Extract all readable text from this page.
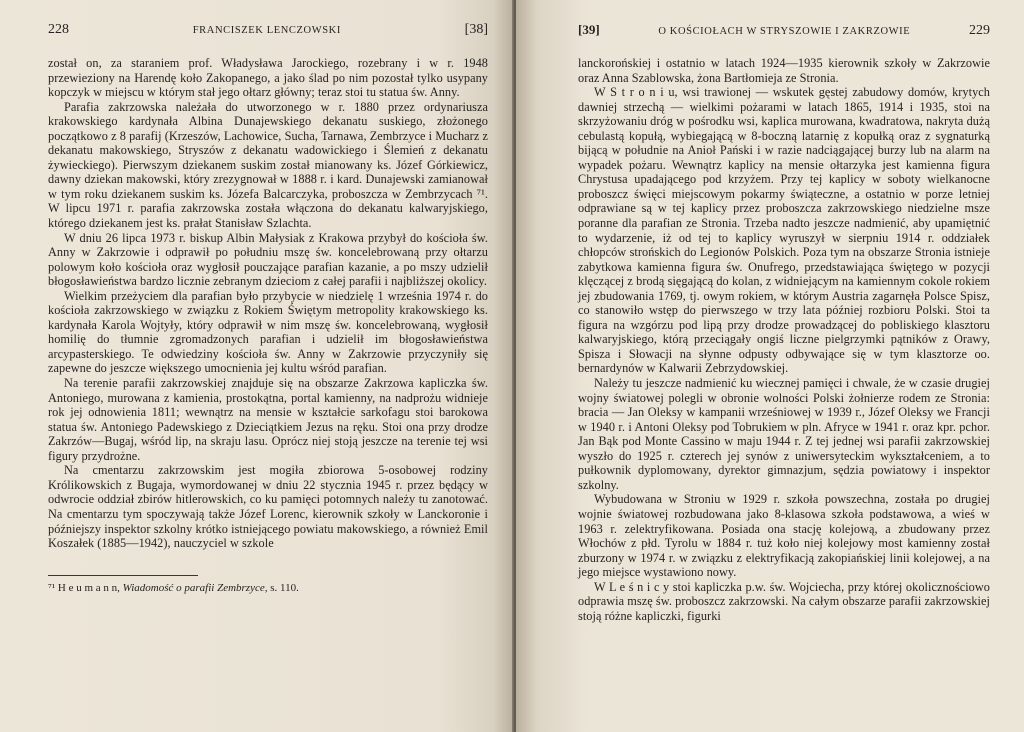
228	FRANCISZEK LENCZOWSKI	[38]

został on, za staraniem prof. Władysława Jarockiego, rozebrany i w r. 1948 przewieziony na Harendę koło Zakopanego, a jako ślad po nim pozostał tylko usypany kopczyk w miejscu w którym stał jego ołtarz główny; teraz stoi tu statua św. Anny.

Parafia zakrzowska należała do utworzonego w r. 1880 przez ordynariusza krakowskiego kardynała Albina Dunajewskiego dekanatu suskiego, złożonego początkowo z 8 parafij (Krzeszów, Lachowice, Sucha, Tarnawa, Zembrzyce i Mucharz z dekanatu makowskiego, Stryszów z dekanatu wadowickiego i Ślemień z dekanatu żywieckiego). Pierwszym dziekanem suskim został mianowany ks. Józef Górkiewicz, dawny dziekan makowski, który zrezygnował w 1888 r. i kard. Dunajewski zamianował w tym roku dziekanem suskim ks. Józefa Balcarczyka, proboszcza w Zembrzycach ⁷¹. W lipcu 1971 r. parafia zakrzowska została włączona do dekanatu kalwaryjskiego, którego dziekanem jest ks. prałat Stanisław Szlachta.

W dniu 26 lipca 1973 r. biskup Albin Małysiak z Krakowa przybył do kościoła św. Anny w Zakrzowie i odprawił po południu mszę św. koncelebrowaną przy ołtarzu polowym koło kościoła oraz wygłosił pouczające parafian kazanie, a po mszy udzielił błogosławieństwa bardzo licznie zebranym dzieciom z całej parafii i najbliższej okolicy.

Wielkim przeżyciem dla parafian było przybycie w niedzielę 1 września 1974 r. do kościoła zakrzowskiego w związku z Rokiem Świętym metropolity krakowskiego ks. kardynała Karola Wojtyły, który odprawił w nim mszę św. koncelebrowaną, wygłosił homilię do tłumnie zgromadzonych parafian i udzielił im błogosławieństwa arcypasterskiego. Te odwiedziny kościoła św. Anny w Zakrzowie przyczyniły się zapewne do jeszcze większego umocnienia jej kultu wśród parafian.

Na terenie parafii zakrzowskiej znajduje się na obszarze Zakrzowa kapliczka św. Antoniego, murowana z kamienia, prostokątna, portal kamienny, na nadprożu widnieje rok jej odnowienia 1811; wewnątrz na mensie w kształcie sarkofagu stoi barokowa statua św. Antoniego Padewskiego z Dzieciątkiem Jezus na ręku. Stoi ona przy drodze Zakrzów—Bugaj, wśród lip, na skraju lasu. Oprócz niej stoją jeszcze na terenie tej wsi figury przydrożne.

Na cmentarzu zakrzowskim jest mogiła zbiorowa 5-osobowej rodziny Królikowskich z Bugaja, wymordowanej w dniu 22 stycznia 1945 r. przez będący w odwrocie oddział zbirów hitlerowskich, co ku pamięci potomnych należy tu zanotować. Na cmentarzu tym spoczywają także Józef Lorenc, kierownik szkoły w Lanckoronie i późniejszy inspektor szkolny krótko istniejącego powiatu makowskiego, a również Emil Koszałek (1885—1942), nauczyciel w szkole

⁷¹ H e u m a n n, Wiadomość o parafii Zembrzyce, s. 110.
[39]	O KOŚCIOŁACH W STRYSZOWIE I ZAKRZOWIE	229

lanckorońskiej i ostatnio w latach 1924—1935 kierownik szkoły w Zakrzowie oraz Anna Szablowska, żona Bartłomieja ze Stronia.

W S t r o n i u, wsi trawionej — wskutek gęstej zabudowy domów, krytych dawniej strzechą — wielkimi pożarami w latach 1865, 1914 i 1935, stoi na skrzyżowaniu dróg w pośrodku wsi, kaplica murowana, kwadratowa, nakryta dużą cebulastą kopułą, wybiegającą w 8-boczną latarnię z kopułką oraz z sygnaturką bijącą w południe na Anioł Pański i w razie nadciągającej burzy lub na alarm na wypadek pożaru. Wewnątrz kaplicy na mensie ołtarzyka jest kamienna figura Chrystusa upadającego pod krzyżem. Przy tej kaplicy w soboty wielkanocne proboszcz święci miejscowym pokarmy świąteczne, a ostatnio w porze letniej odprawiane są w tej kaplicy przez proboszcza zakrzowskiego niedzielne msze poranne dla parafian ze Stronia. Trzeba nadto jeszcze nadmienić, aby upamiętnić to wydarzenie, iż od tej to kaplicy wyruszył w sierpniu 1914 r. oddziałek chłopców strońskich do Legionów Polskich. Poza tym na obszarze Stronia istnieje zabytkowa kamienna figura św. Onufrego, przedstawiająca świętego w pozycji klęczącej z brodą sięgającą do kolan, z widniejącym na kamiennym cokole rokiem jej zbudowania 1769, tj. owym rokiem, w którym Austria zagarnęła Polsce Spisz, co stanowiło wstęp do pierwszego w trzy lata później rozbioru Polski. Stoi ta figura na wzgórzu pod lipą przy drodze prowadzącej do pobliskiego klasztoru kalwaryjskiego, którą przeciągały ongiś liczne pielgrzymki pątników z Orawy, Spisza i Słowacji na słynne odpusty odbywające się w tym klasztorze oo. bernardynów w Kalwarii Zebrzydowskiej.

Należy tu jeszcze nadmienić ku wiecznej pamięci i chwale, że w czasie drugiej wojny światowej polegli w obronie wolności Polski żołnierze rodem ze Stronia: bracia — Jan Oleksy w kampanii wrześniowej w 1939 r., Józef Oleksy we Francji w 1940 r. i Antoni Oleksy pod Tobrukiem w pln. Afryce w 1941 r. oraz kpr. pchor. Jan Bąk pod Monte Cassino w maju 1944 r. Z tej jednej wsi parafii zakrzowskiej wyszło do 1925 r. czterech jej synów z uniwersyteckim wykształceniem, a to pułkownik dyplomowany, dyrektor gimnazjum, sędzia powiatowy i inspektor szkolny.

Wybudowana w Stroniu w 1929 r. szkoła powszechna, została po drugiej wojnie światowej rozbudowana jako 8-klasowa szkoła podstawowa, a wieś w 1963 r. zelektryfikowana. Posiada ona stację kolejową, a zbudowany przez Włochów z płd. Tyrolu w 1884 r. tuż koło niej kolejowy most kamienny został zburzony w 1974 r. w związku z elektryfikacją zakopiańskiej linii kolejowej, a na jego miejsce wystawiono nowy.

W L e ś n i c y stoi kapliczka p.w. św. Wojciecha, przy której okolicznościowo odprawia mszę św. proboszcz zakrzowski. Na całym obszarze parafii zakrzowskiej stoją różne kapliczki, figurki
